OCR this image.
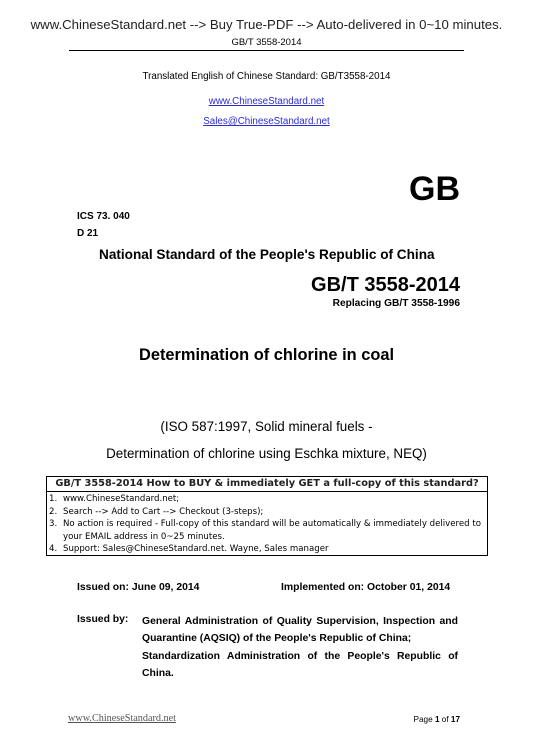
www.ChineseStandard.net --> Buy True-PDF --> Auto-delivered in 0~10 minutes.
GB/T 3558-2014
Translated English of Chinese Standard: GB/T3558-2014
www.ChineseStandard.net
Sales@ChineseStandard.net
GB
ICS 73. 040
D 21
National Standard of the People's Republic of China
GB/T 3558-2014
Replacing GB/T 3558-1996
Determination of chlorine in coal
(ISO 587:1997, Solid mineral fuels -
Determination of chlorine using Eschka mixture, NEQ)
GB/T 3558-2014 How to BUY & immediately GET a full-copy of this standard?
1. www.ChineseStandard.net;
2. Search --> Add to Cart --> Checkout (3-steps);
3. No action is required - Full-copy of this standard will be automatically & immediately delivered to your EMAIL address in 0~25 minutes.
4. Support: Sales@ChineseStandard.net. Wayne, Sales manager
Issued on: June 09, 2014	Implemented on: October 01, 2014
Issued by: General Administration of Quality Supervision, Inspection and Quarantine (AQSIQ) of the People's Republic of China;
Standardization Administration of the People's Republic of China.
www.ChineseStandard.net	Page 1 of 17
